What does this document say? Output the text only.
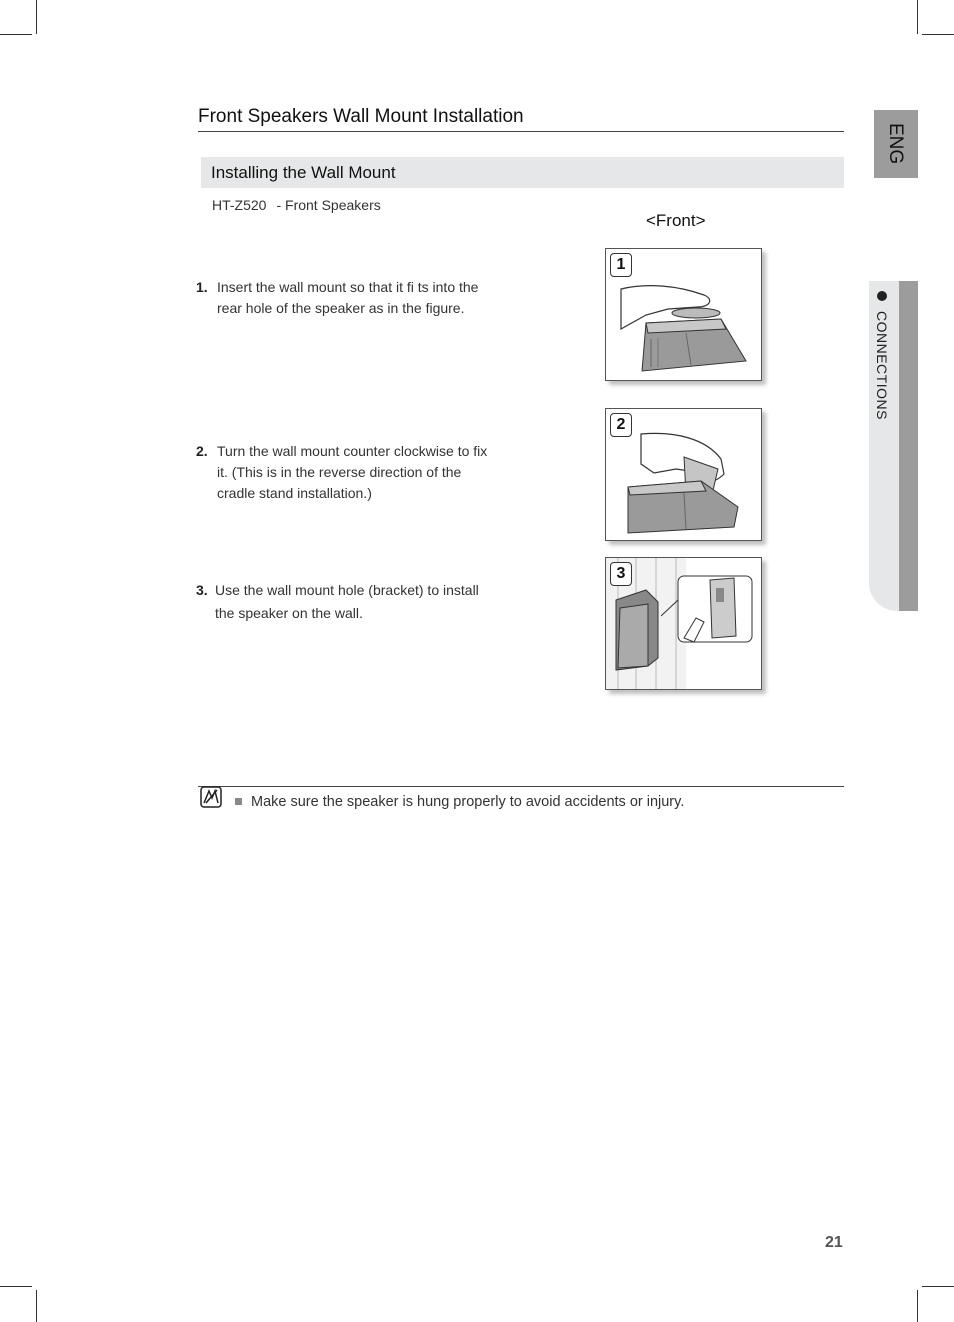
Front Speakers Wall Mount Installation
Installing the Wall Mount
HT-Z520 - Front Speakers
<Front>
1. Insert the wall mount so that it fi ts into the rear hole of the speaker as in the figure.
2. Turn the wall mount counter clockwise to fix it. (This is in the reverse direction of the cradle stand installation.)
3. Use the wall mount hole (bracket) to install the speaker on the wall.
1
2
3
ENG
CONNECTIONS
Make sure the speaker is hung properly to avoid accidents or injury.
21
